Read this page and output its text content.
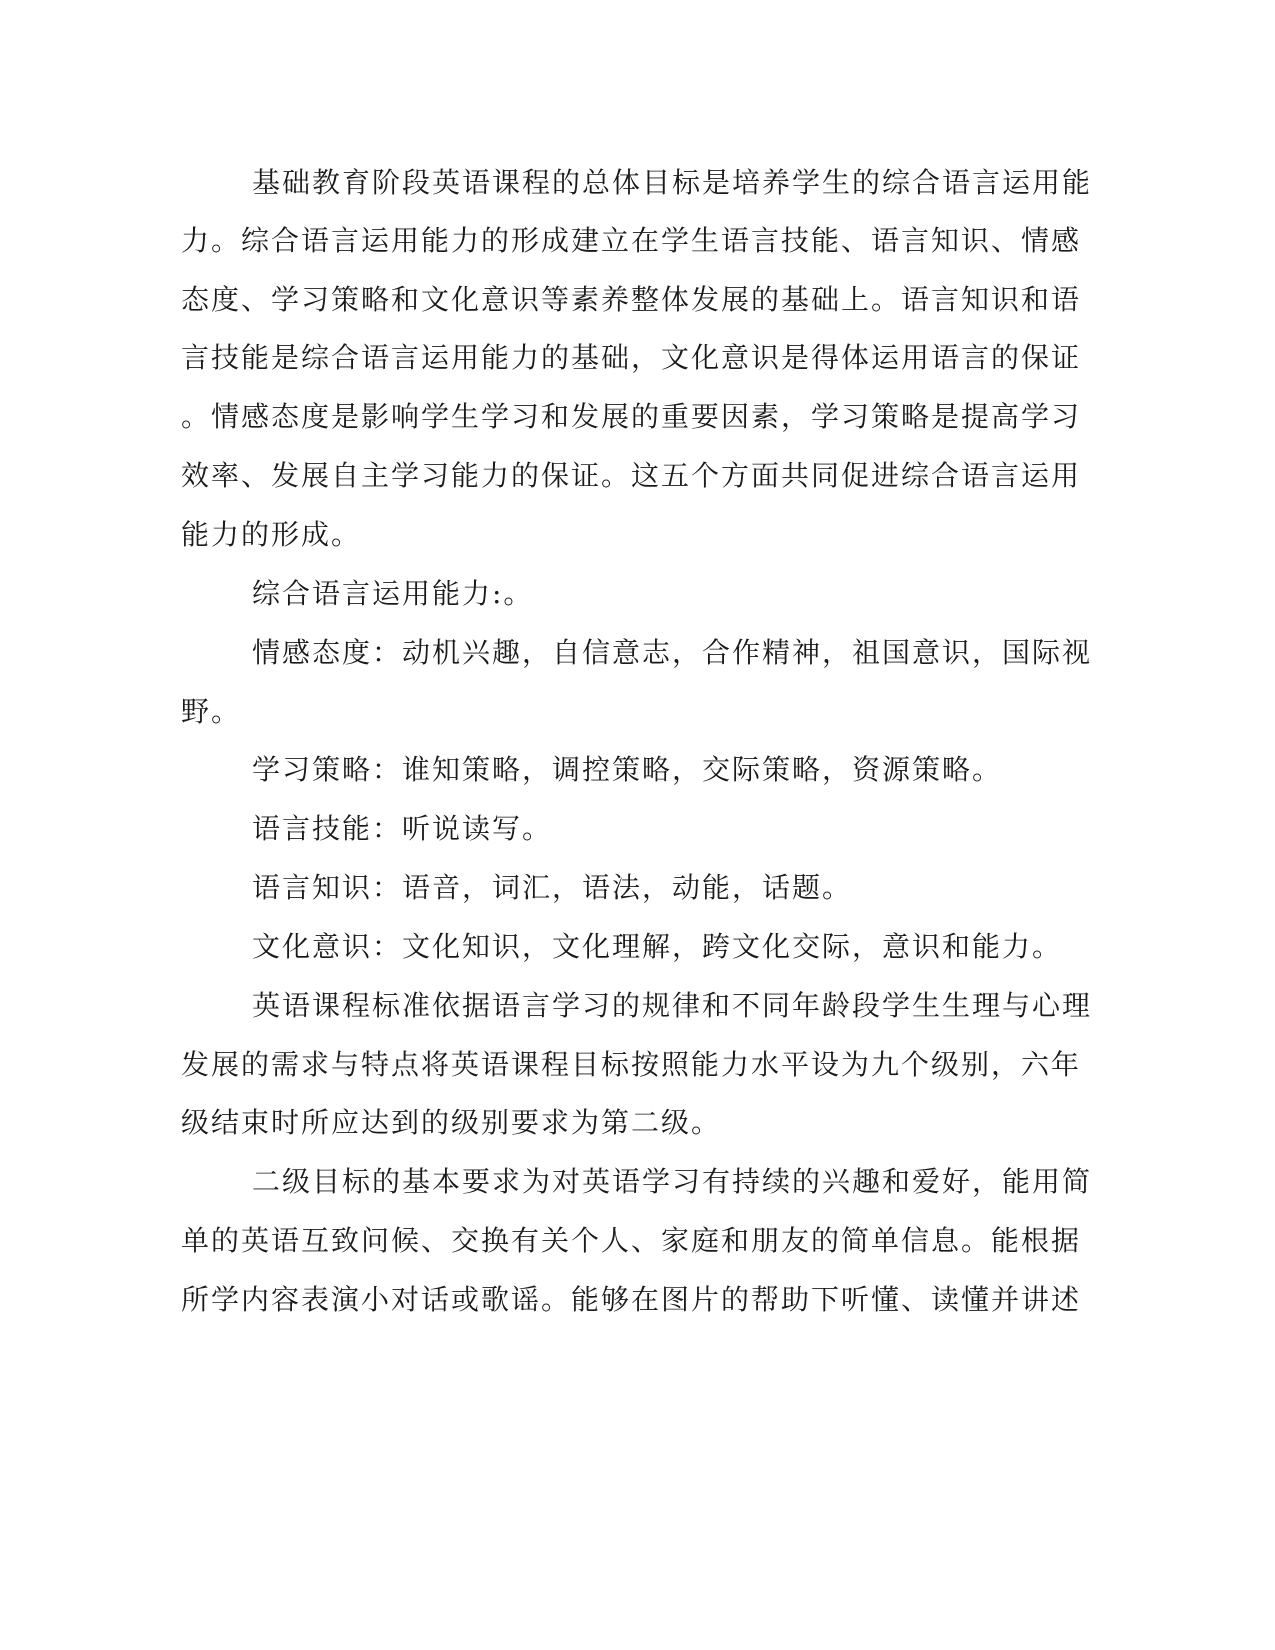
基础教育阶段英语课程的总体目标是培养学生的综合语言运用能
力。综合语言运用能力的形成建立在学生语言技能、语言知识、情感
态度、学习策略和文化意识等素养整体发展的基础上。语言知识和语
言技能是综合语言运用能力的基础，文化意识是得体运用语言的保证
。情感态度是影响学生学习和发展的重要因素，学习策略是提高学习
效率、发展自主学习能力的保证。这五个方面共同促进综合语言运用
能力的形成。
综合语言运用能力:。
情感态度：动机兴趣，自信意志，合作精神，祖国意识，国际视
野。
学习策略：谁知策略，调控策略，交际策略，资源策略。
语言技能：听说读写。
语言知识：语音，词汇，语法，动能，话题。
文化意识：文化知识，文化理解，跨文化交际，意识和能力。
英语课程标准依据语言学习的规律和不同年龄段学生生理与心理
发展的需求与特点将英语课程目标按照能力水平设为九个级别，六年
级结束时所应达到的级别要求为第二级。
二级目标的基本要求为对英语学习有持续的兴趣和爱好，能用简
单的英语互致问候、交换有关个人、家庭和朋友的简单信息。能根据
所学内容表演小对话或歌谣。能够在图片的帮助下听懂、读懂并讲述
